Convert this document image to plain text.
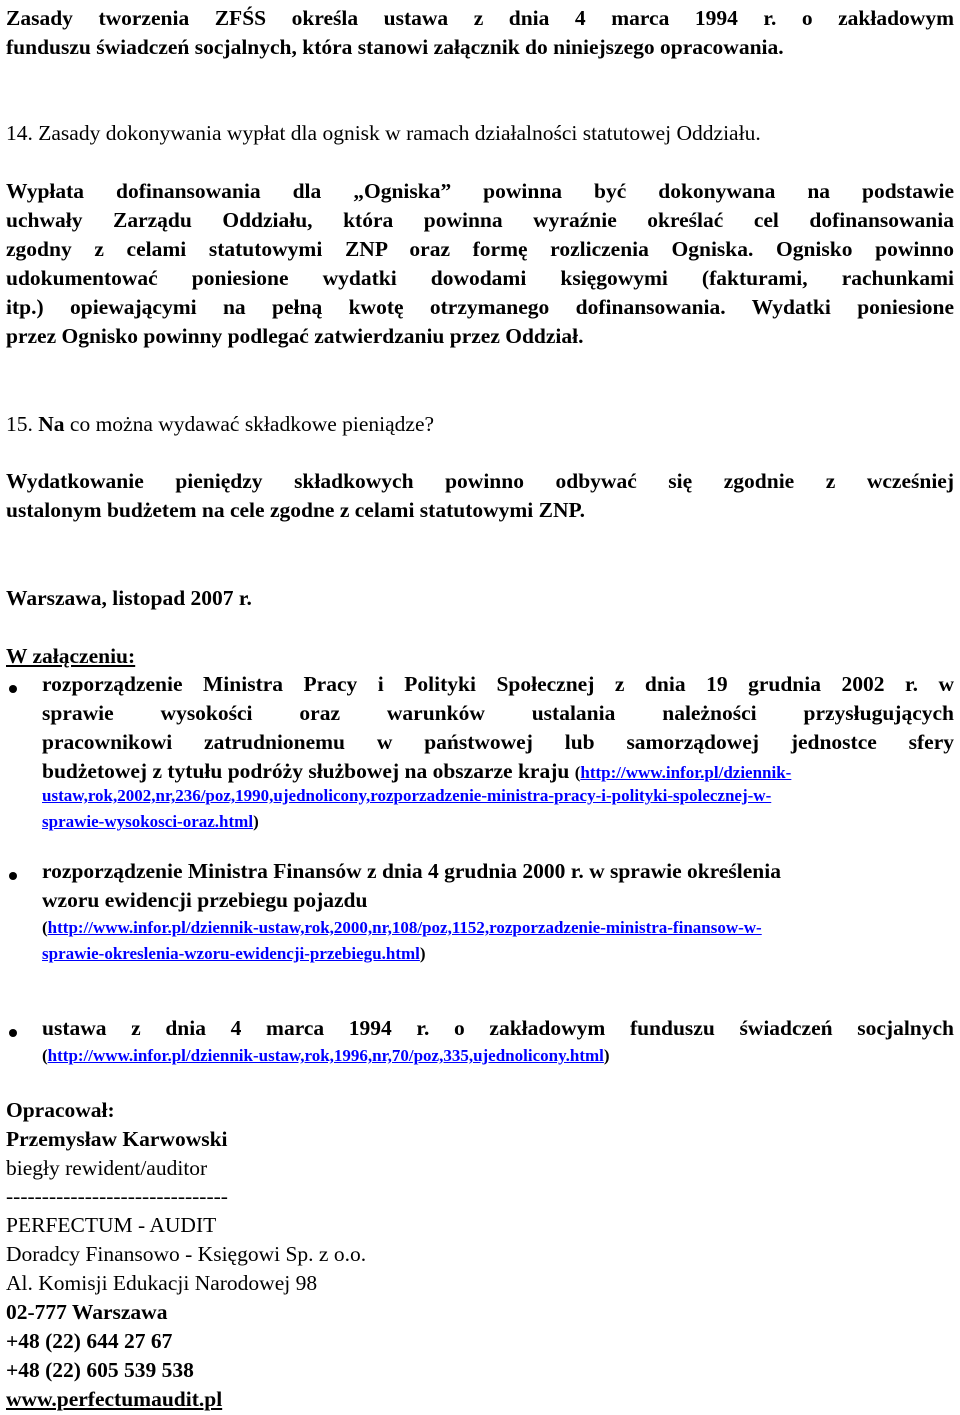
Zasady tworzenia ZFŚS określa ustawa z dnia 4 marca 1994 r. o zakładowym
funduszu świadczeń socjalnych, która stanowi załącznik do niniejszego opracowania.
14. Zasady dokonywania wypłat dla ognisk w ramach działalności statutowej Oddziału.
Wypłata dofinansowania dla „Ogniska” powinna być dokonywana na podstawie
uchwały Zarządu Oddziału, która powinna wyraźnie określać cel dofinansowania
zgodny z celami statutowymi ZNP oraz formę rozliczenia Ogniska. Ognisko powinno
udokumentować poniesione wydatki dowodami księgowymi (fakturami, rachunkami
itp.) opiewającymi na pełną kwotę otrzymanego dofinansowania. Wydatki poniesione
przez Ognisko powinny podlegać zatwierdzaniu przez Oddział.
15. Na co można wydawać składkowe pieniądze?
Wydatkowanie pieniędzy składkowych powinno odbywać się zgodnie z wcześniej
ustalonym budżetem na cele zgodne z celami statutowymi ZNP.
Warszawa, listopad 2007 r.
W załączeniu:
rozporządzenie Ministra Pracy i Polityki Społecznej z dnia 19 grudnia 2002 r. w
sprawie wysokości oraz warunków ustalania należności przysługujących
pracownikowi zatrudnionemu w państwowej lub samorządowej jednostce sfery
budżetowej z tytułu podróży służbowej na obszarze kraju (http://www.infor.pl/dziennik-
ustaw,rok,2002,nr,236/poz,1990,ujednolicony,rozporzadzenie-ministra-pracy-i-polityki-spolecznej-w-
sprawie-wysokosci-oraz.html)
rozporządzenie Ministra Finansów z dnia 4 grudnia 2000 r. w sprawie określenia
wzoru ewidencji przebiegu pojazdu
(http://www.infor.pl/dziennik-ustaw,rok,2000,nr,108/poz,1152,rozporzadzenie-ministra-finansow-w-
sprawie-okreslenia-wzoru-ewidencji-przebiegu.html)
ustawa z dnia 4 marca 1994 r. o zakładowym funduszu świadczeń socjalnych
(http://www.infor.pl/dziennik-ustaw,rok,1996,nr,70/poz,335,ujednolicony.html)
Opracował:
Przemysław Karwowski
biegły rewident/auditor
-------------------------------
PERFECTUM - AUDIT
Doradcy Finansowo - Księgowi Sp. z o.o.
Al. Komisji Edukacji Narodowej 98
02-777 Warszawa
+48 (22) 644 27 67
+48 (22) 605 539 538
www.perfectumaudit.pl
